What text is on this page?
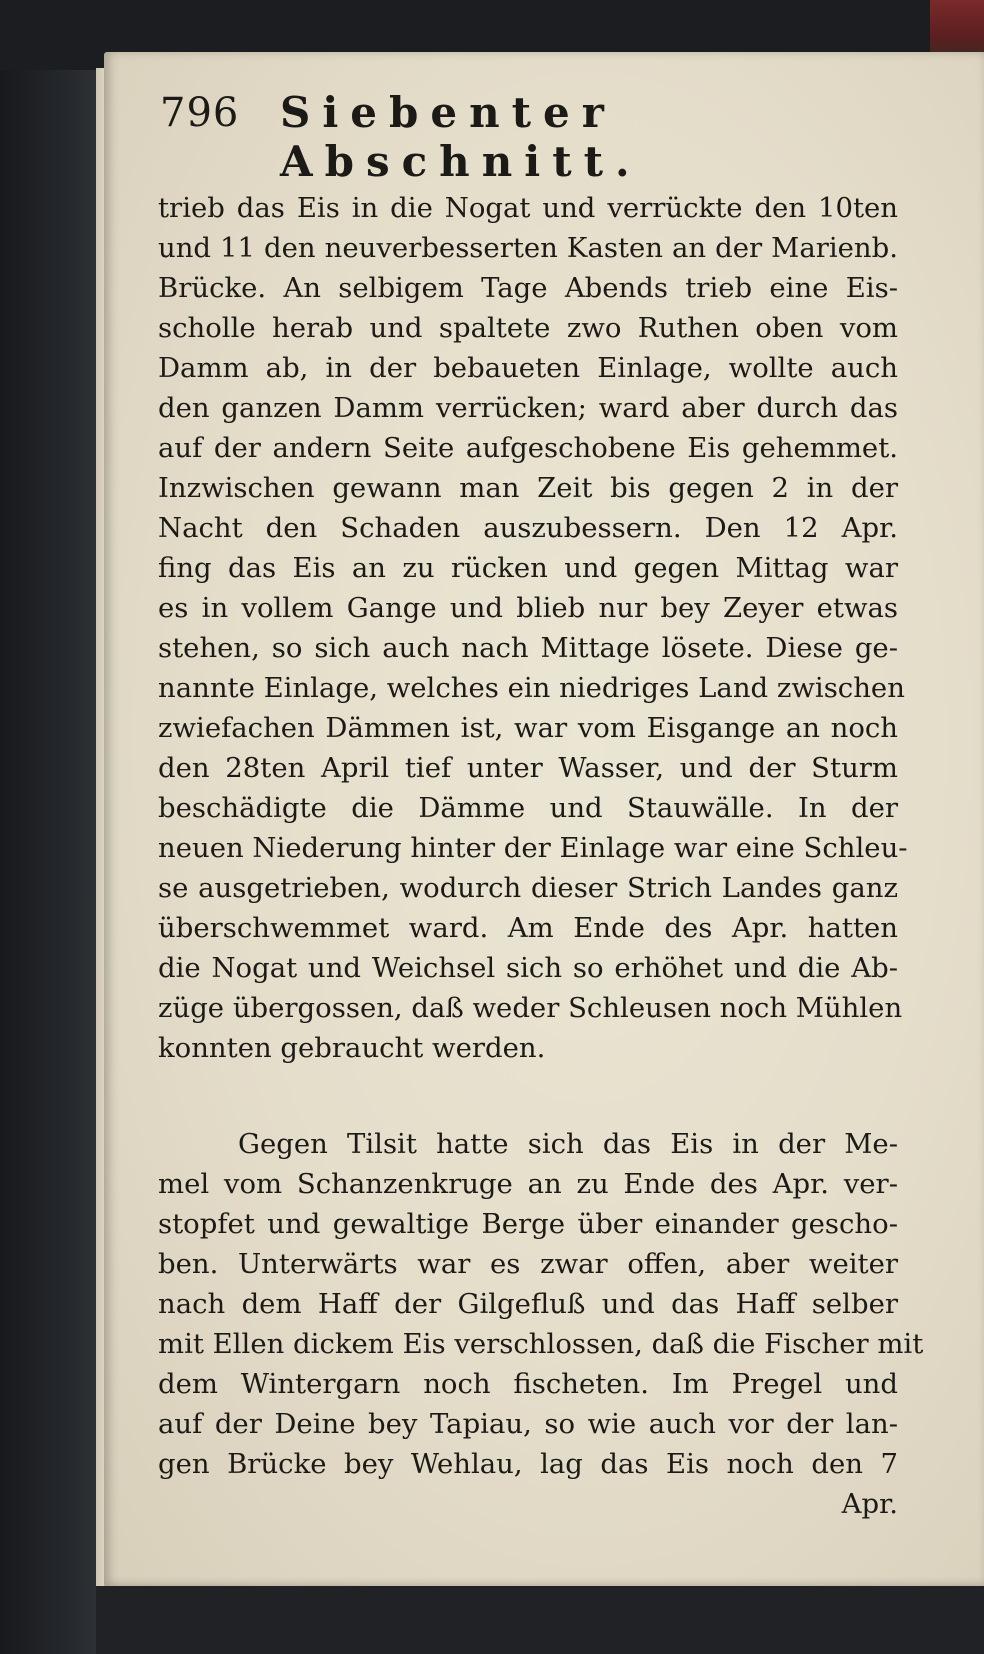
796 Siebenter Abschnitt.
trieb das Eis in die Nogat und verrückte den 10ten
und 11 den neuverbesserten Kasten an der Marienb.
Brücke. An selbigem Tage Abends trieb eine Eis-
scholle herab und spaltete zwo Ruthen oben vom
Damm ab, in der bebaueten Einlage, wollte auch
den ganzen Damm verrücken; ward aber durch das
auf der andern Seite aufgeschobene Eis gehemmet.
Inzwischen gewann man Zeit bis gegen 2 in der
Nacht den Schaden auszubessern. Den 12 Apr.
fing das Eis an zu rücken und gegen Mittag war
es in vollem Gange und blieb nur bey Zeyer etwas
stehen, so sich auch nach Mittage lösete. Diese ge-
nannte Einlage, welches ein niedriges Land zwischen
zwiefachen Dämmen ist, war vom Eisgange an noch
den 28ten April tief unter Wasser, und der Sturm
beschädigte die Dämme und Stauwälle. In der
neuen Niederung hinter der Einlage war eine Schleu-
se ausgetrieben, wodurch dieser Strich Landes ganz
überschwemmet ward. Am Ende des Apr. hatten
die Nogat und Weichsel sich so erhöhet und die Ab-
züge übergossen, daß weder Schleusen noch Mühlen
konnten gebraucht werden.
Gegen Tilsit hatte sich das Eis in der Me-
mel vom Schanzenkruge an zu Ende des Apr. ver-
stopfet und gewaltige Berge über einander gescho-
ben. Unterwärts war es zwar offen, aber weiter
nach dem Haff der Gilgefluß und das Haff selber
mit Ellen dickem Eis verschlossen, daß die Fischer mit
dem Wintergarn noch fischeten. Im Pregel und
auf der Deine bey Tapiau, so wie auch vor der lan-
gen Brücke bey Wehlau, lag das Eis noch den 7
Apr.
